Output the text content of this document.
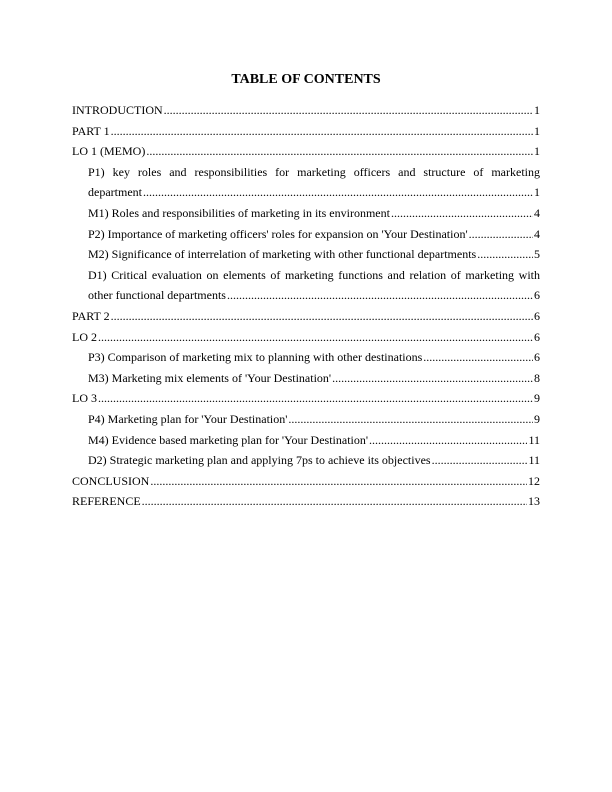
TABLE OF CONTENTS
INTRODUCTION .....	1
PART 1 .....	1
LO 1 (MEMO) .....	1
P1) key roles and responsibilities for marketing officers and structure of marketing
department .....	1
M1) Roles and responsibilities of marketing in its environment .....	4
P2) Importance of marketing officers' roles for expansion on 'Your Destination' .....	4
M2) Significance of interrelation of marketing with other functional departments .....	5
D1) Critical evaluation on elements of marketing functions and relation of marketing with
other functional departments .....	6
PART 2 .....	6
LO 2 .....	6
P3) Comparison of marketing mix to planning with other destinations .....	6
M3) Marketing mix elements of 'Your Destination' .....	8
LO 3 .....	9
P4) Marketing plan for 'Your Destination' .....	9
M4) Evidence based marketing plan for 'Your Destination' .....	11
D2) Strategic marketing plan and applying 7ps to achieve its objectives .....	11
CONCLUSION .....	12
REFERENCE .....	13
